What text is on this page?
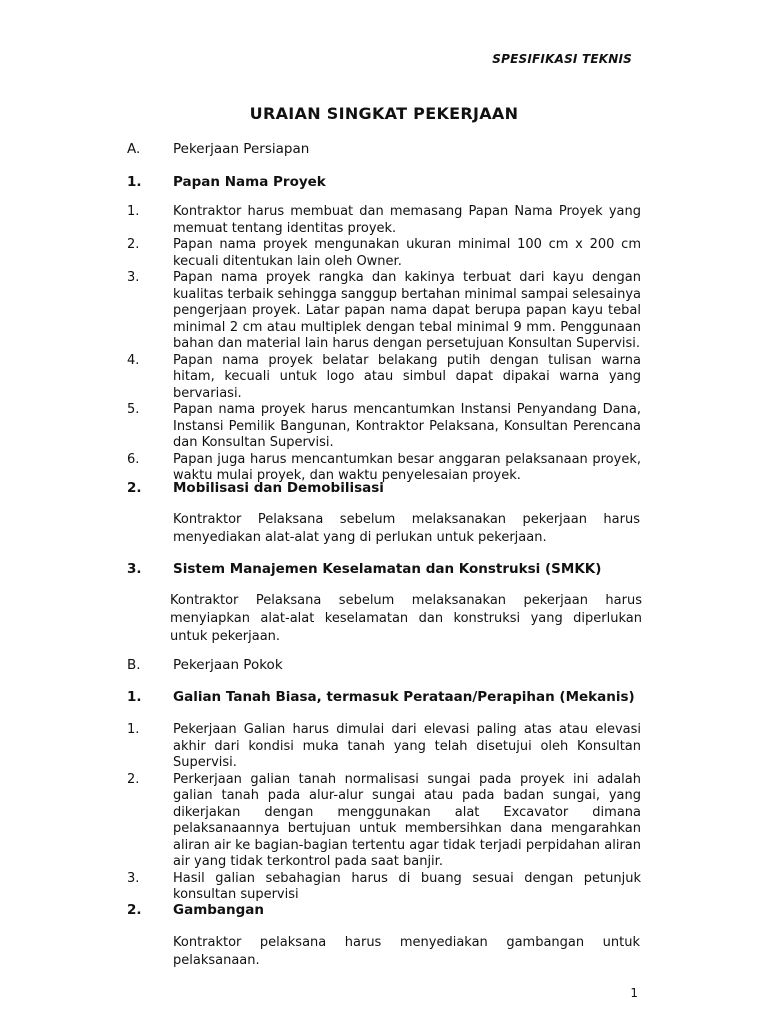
SPESIFIKASI TEKNIS
URAIAN SINGKAT PEKERJAAN
A.	Pekerjaan Persiapan
1.	Papan Nama Proyek
1.	Kontraktor harus membuat dan memasang Papan Nama Proyek yang memuat tentang identitas proyek.
2.	Papan nama proyek mengunakan ukuran minimal 100 cm x 200 cm kecuali ditentukan lain oleh Owner.
3.	Papan nama proyek rangka dan kakinya terbuat dari kayu dengan kualitas terbaik sehingga sanggup bertahan minimal sampai selesainya pengerjaan proyek. Latar papan nama dapat berupa papan kayu tebal minimal 2 cm atau multiplek dengan tebal minimal 9 mm. Penggunaan bahan dan material lain harus dengan persetujuan Konsultan Supervisi.
4.	Papan nama proyek belatar belakang putih dengan tulisan warna hitam, kecuali untuk logo atau simbul dapat dipakai warna yang bervariasi.
5.	Papan nama proyek harus mencantumkan Instansi Penyandang Dana, Instansi Pemilik Bangunan, Kontraktor Pelaksana, Konsultan Perencana dan Konsultan Supervisi.
6.	Papan juga harus mencantumkan besar anggaran pelaksanaan proyek, waktu mulai proyek, dan waktu penyelesaian proyek.
2.	Mobilisasi dan Demobilisasi
Kontraktor Pelaksana sebelum melaksanakan pekerjaan harus menyediakan alat-alat yang di perlukan untuk pekerjaan.
3.	Sistem Manajemen Keselamatan dan Konstruksi (SMKK)
Kontraktor Pelaksana sebelum melaksanakan pekerjaan harus menyiapkan alat-alat keselamatan dan konstruksi yang diperlukan untuk pekerjaan.
B.	Pekerjaan Pokok
1.	Galian Tanah Biasa, termasuk Perataan/Perapihan (Mekanis)
1.	Pekerjaan Galian harus dimulai dari elevasi paling atas atau elevasi akhir dari kondisi muka tanah yang telah disetujui oleh Konsultan Supervisi.
2.	Perkerjaan galian tanah normalisasi sungai pada proyek ini adalah galian tanah pada alur-alur sungai atau pada badan sungai, yang dikerjakan dengan menggunakan alat Excavator dimana pelaksanaannya bertujuan untuk membersihkan dana mengarahkan aliran air ke bagian-bagian tertentu agar tidak terjadi perpidahan aliran air yang tidak terkontrol pada saat banjir.
3.	Hasil galian sebahagian harus di buang sesuai dengan petunjuk konsultan supervisi
2.	Gambangan
Kontraktor pelaksana harus menyediakan gambangan untuk pelaksanaan.
1
